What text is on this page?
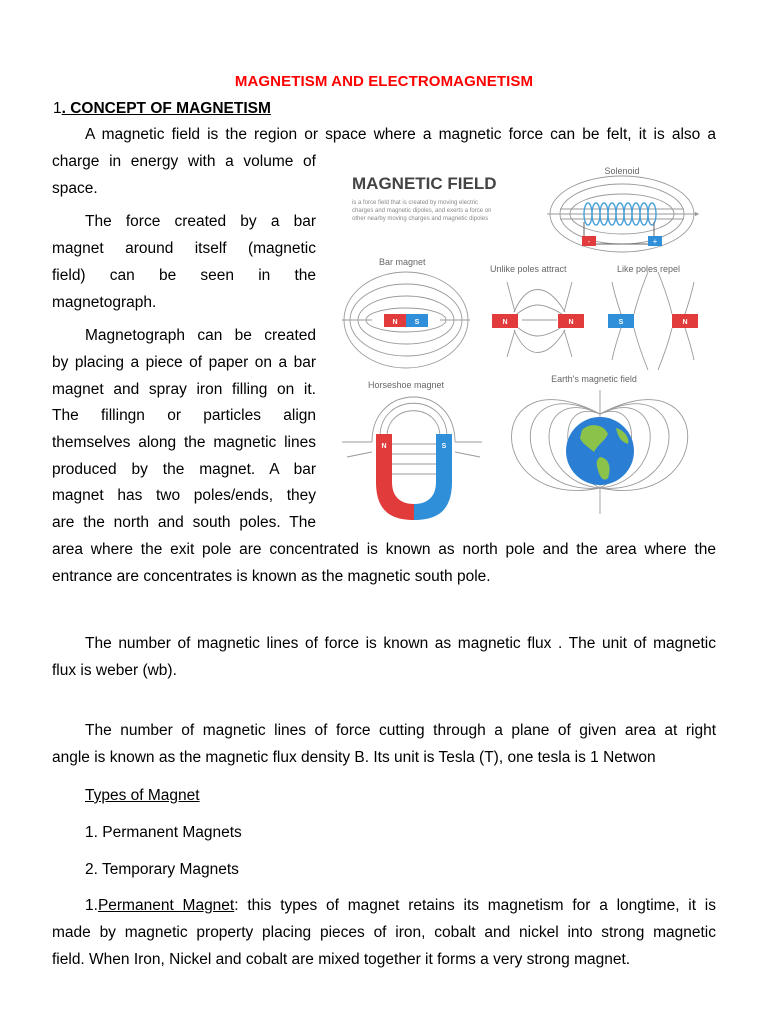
MAGNETISM AND ELECTROMAGNETISM
1. CONCEPT OF MAGNETISM
A magnetic field is the region or space where a magnetic force can be felt, it is also a
charge in energy with a volume of
space.
The force created by a bar
magnet around itself (magnetic
field) can be seen in the
magnetograph.
Magnetograph can be created
by placing a piece of paper on a bar
magnet and spray iron filling on it.
The fillingn or particles align
themselves along the magnetic lines
produced by the magnet. A bar
magnet has two poles/ends, they
are the north and south poles. The
area where the exit pole are concentrated is known as north pole and the area where the
entrance are concentrates is known as the magnetic south pole.
The number of magnetic lines of force is known as magnetic flux . The unit of magnetic
flux is weber (wb).
The number of magnetic lines of force cutting through a plane of given area at right
angle is known as the magnetic flux density B. Its unit is Tesla (T), one tesla is 1 Netwon
Types of Magnet
1. Permanent Magnets
2. Temporary Magnets
1.Permanent Magnet: this types of magnet retains its magnetism for a longtime, it is
made by magnetic property placing pieces of iron, cobalt and nickel into strong magnetic
field. When Iron, Nickel and cobalt are mixed together it forms a very strong magnet.
MAGNETIC FIELD
is a force field that is created by moving electric
charges and magnetic dipoles, and exerts a force on
other nearby moving charges and magnetic dipoles
-	+
Solenoid
Bar magnet
N S
Unlike poles attract
N	N
Like poles repel
S	N
Horseshoe magnet
N	S
Earth's magnetic field
